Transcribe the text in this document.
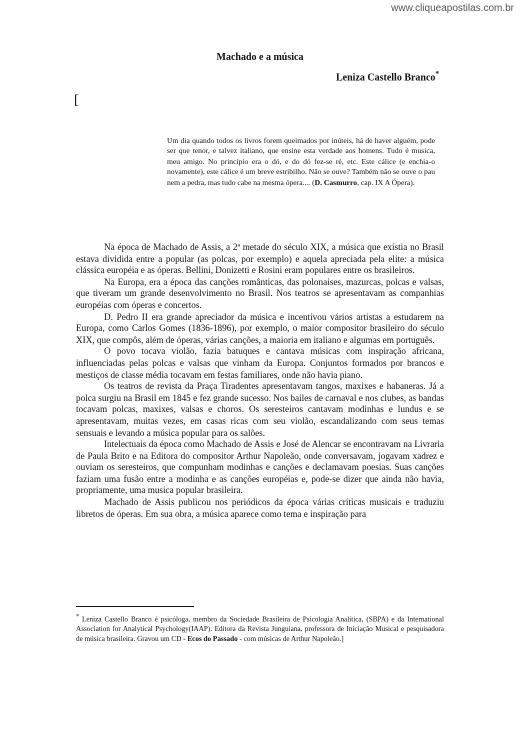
www.cliqueapostilas.com.br
Machado e a música
Leniza Castello Branco*
[

Um dia quando todos os livros forem queimados por inúteis, há de haver alguém, pode ser que tenor, e talvez italiano, que ensine esta verdade aos homens. Tudo é musica, meu amigo. No princípio era o dó, e do dó fez-se ré, etc. Este cálice (e enchia-o novamente), este cálice é um breve estribilho. Não se ouve? Também não se ouve o pau nem a pedra, mas tudo cabe na mesma ópera.... (D. Casmurro, cap. IX A Ópera).

Na época de Machado de Assis, a 2ª metade do século XIX, a música que existia no Brasil estava dividida entre a popular (as polcas, por exemplo) e aquela apreciada pela elite: a música clássica européia e as óperas. Bellini, Donizetti e Rosini eram populares entre os brasileiros.

Na Europa, era a época das canções românticas, das polonaises, mazurcas, polcas e valsas, que tiveram um grande desenvolvimento no Brasil. Nos teatros se apresentavam as companhias européias com óperas e concertos.

D. Pedro II era grande apreciador da música e incentivou vários artistas a estudarem na Europa, como Carlos Gomes (1836-1896), por exemplo, o maior compositor brasileiro do século XIX, que compôs, além de óperas, várias canções, a maioria em italiano e algumas em português.

O povo tocava violão, fazia batuques e cantava músicas com inspiração africana, influenciadas pelas polcas e valsas que vinham da Europa. Conjuntos formados por brancos e mestiços de classe média tocavam em festas familiares, onde não havia piano.

Os teatros de revista da Praça Tiradentes apresentavam tangos, maxixes e habaneras. Já a polca surgiu na Brasil em 1845 e fez grande sucesso. Nos bailes de carnaval e nos clubes, as bandas tocavam polcas, maxixes, valsas e choros. Os seresteiros cantavam modinhas e lundus e se apresentavam, muitas vezes, em casas ricas com seu violão, escandalizando com seus temas sensuais e levando a música popular para os salões.

Intelectuais da época como Machado de Assis e José de Alencar se encontravam na Livraria de Paula Brito e na Editora do compositor Arthur Napoleão, onde conversavam, jogavam xadrez e ouviam os seresteiros, que compunham modinhas e canções e declamavam poesias. Suas canções faziam uma fusão entre a modinha e as canções européias e, pode-se dizer que ainda não havia, propriamente, uma musica popular brasileira.

Machado de Assis publicou nos periódicos da época várias críticas musicais e traduziu libretos de óperas. Em sua obra, a música aparece como tema e inspiração para

* Leniza Castello Branco é psicóloga, membro da Sociedade Brasileira de Psicologia Analítica, (SBPA) e da International Association for Analytical Psychology(IAAP). Editora da Revista Junguiana, professora de Iniciação Musical e pesquisadora de música brasileira. Gravou um CD - Ecos do Passado - com músicas de Arthur Napoleão.]
